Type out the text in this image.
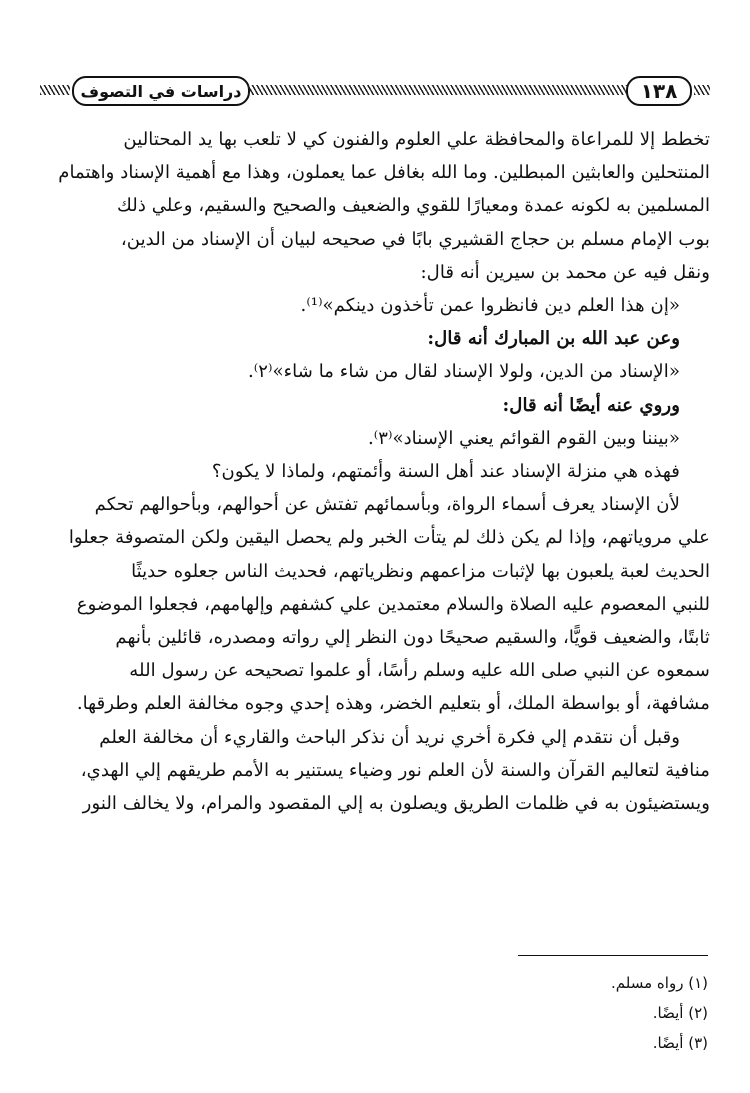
دراسات في التصوف	١٣٨

تخطط إلا للمراعاة والمحافظة علي العلوم والفنون كي لا تلعب بها يد المحتالين

المنتحلين والعابثين المبطلين. وما الله بغافل عما يعملون، وهذا مع أهمية الإسناد واهتمام

المسلمين به لكونه عمدة ومعيارًا للقوي والضعيف والصحيح والسقيم، وعلي ذلك

بوب الإمام مسلم بن حجاج القشيري بابًا في صحيحه لبيان أن الإسناد من الدين،

ونقل فيه عن محمد بن سيرين أنه قال:

«إن هذا العلم دين فانظروا عمن تأخذون دينكم»⁽¹⁾.

وعن عبد الله بن المبارك أنه قال:

«الإسناد من الدين، ولولا الإسناد لقال من شاء ما شاء»⁽٢⁾.

وروي عنه أيضًا أنه قال:

«بيننا وبين القوم القوائم يعني الإسناد»⁽٣⁾.

فهذه هي منزلة الإسناد عند أهل السنة وأئمتهم، ولماذا لا يكون؟

لأن الإسناد يعرف أسماء الرواة، وبأسمائهم تفتش عن أحوالهم، وبأحوالهم تحكم

علي مروياتهم، وإذا لم يكن ذلك لم يتأت الخبر ولم يحصل اليقين ولكن المتصوفة جعلوا

الحديث لعبة يلعبون بها لإثبات مزاعمهم ونظرياتهم، فحديث الناس جعلوه حديثًا

للنبي المعصوم عليه الصلاة والسلام معتمدين علي كشفهم وإلهامهم، فجعلوا الموضوع

ثابتًا، والضعيف قويًّا، والسقيم صحيحًا دون النظر إلي رواته ومصدره، قائلين بأنهم

سمعوه عن النبي صلى الله عليه وسلم رأسًا، أو علموا تصحيحه عن رسول الله

مشافهة، أو بواسطة الملك، أو بتعليم الخضر، وهذه إحدي وجوه مخالفة العلم وطرقها.

وقبل أن نتقدم إلي فكرة أخري نريد أن نذكر الباحث والقاريء أن مخالفة العلم

منافية لتعاليم القرآن والسنة لأن العلم نور وضياء يستنير به الأمم طريقهم إلي الهدي،

ويستضيئون به في ظلمات الطريق ويصلون به إلي المقصود والمرام، ولا يخالف النور

(١) رواه مسلم.
(٢) أيضًا.
(٣) أيضًا.
